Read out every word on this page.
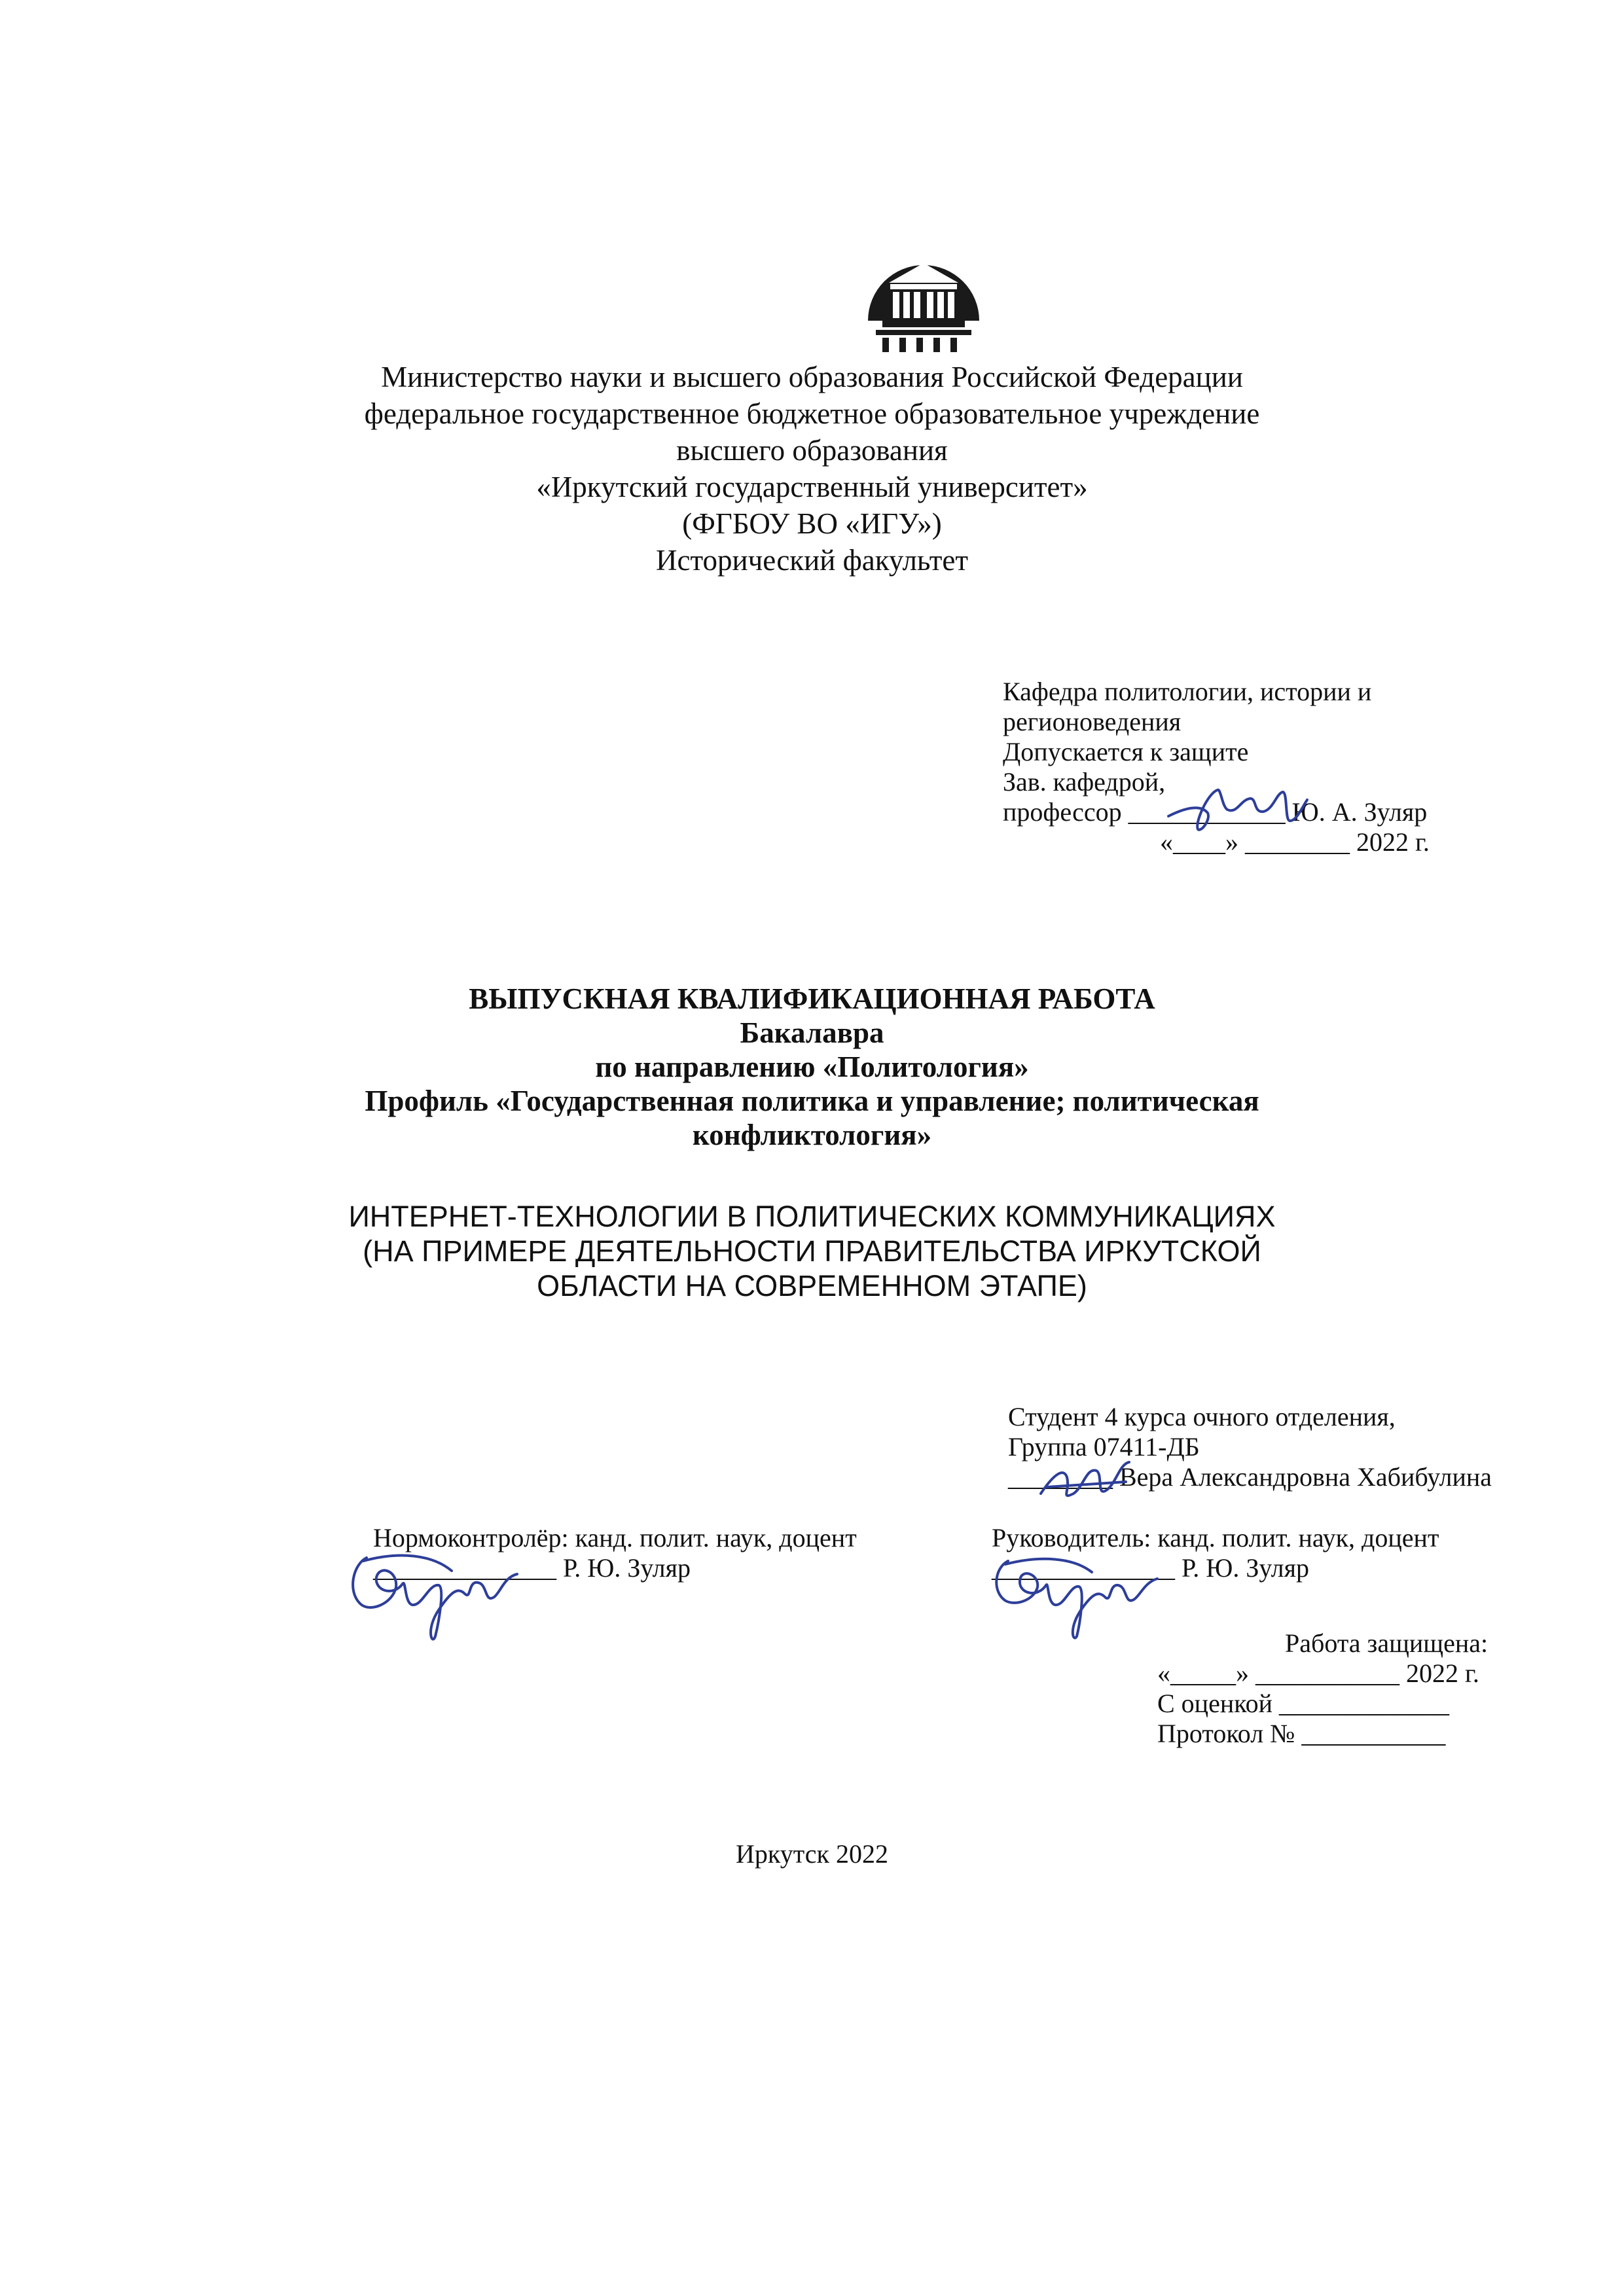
Министерство науки и высшего образования Российской Федерации
федеральное государственное бюджетное образовательное учреждение
высшего образования
«Иркутский государственный университет»
(ФГБОУ ВО «ИГУ»)
Исторический факультет
Кафедра политологии, истории и
регионоведения
Допускается к защите
Зав. кафедрой,
профессор ____________ Ю. А. Зуляр
«____» ________ 2022 г.
ВЫПУСКНАЯ КВАЛИФИКАЦИОННАЯ РАБОТА
Бакалавра
по направлению «Политология»
Профиль «Государственная политика и управление; политическая
конфликтология»
ИНТЕРНЕТ-ТЕХНОЛОГИИ В ПОЛИТИЧЕСКИХ КОММУНИКАЦИЯХ
(НА ПРИМЕРЕ ДЕЯТЕЛЬНОСТИ ПРАВИТЕЛЬСТВА ИРКУТСКОЙ
ОБЛАСТИ НА СОВРЕМЕННОМ ЭТАПЕ)
Студент 4 курса очного отделения,
Группа 07411-ДБ
________ Вера Александровна Хабибулина
Нормоконтролёр: канд. полит. наук, доцент
______________ Р. Ю. Зуляр
Руководитель: канд. полит. наук, доцент
______________ Р. Ю. Зуляр
Работа защищена:
«_____» ___________ 2022 г.
С оценкой _____________
Протокол № ___________
Иркутск 2022
